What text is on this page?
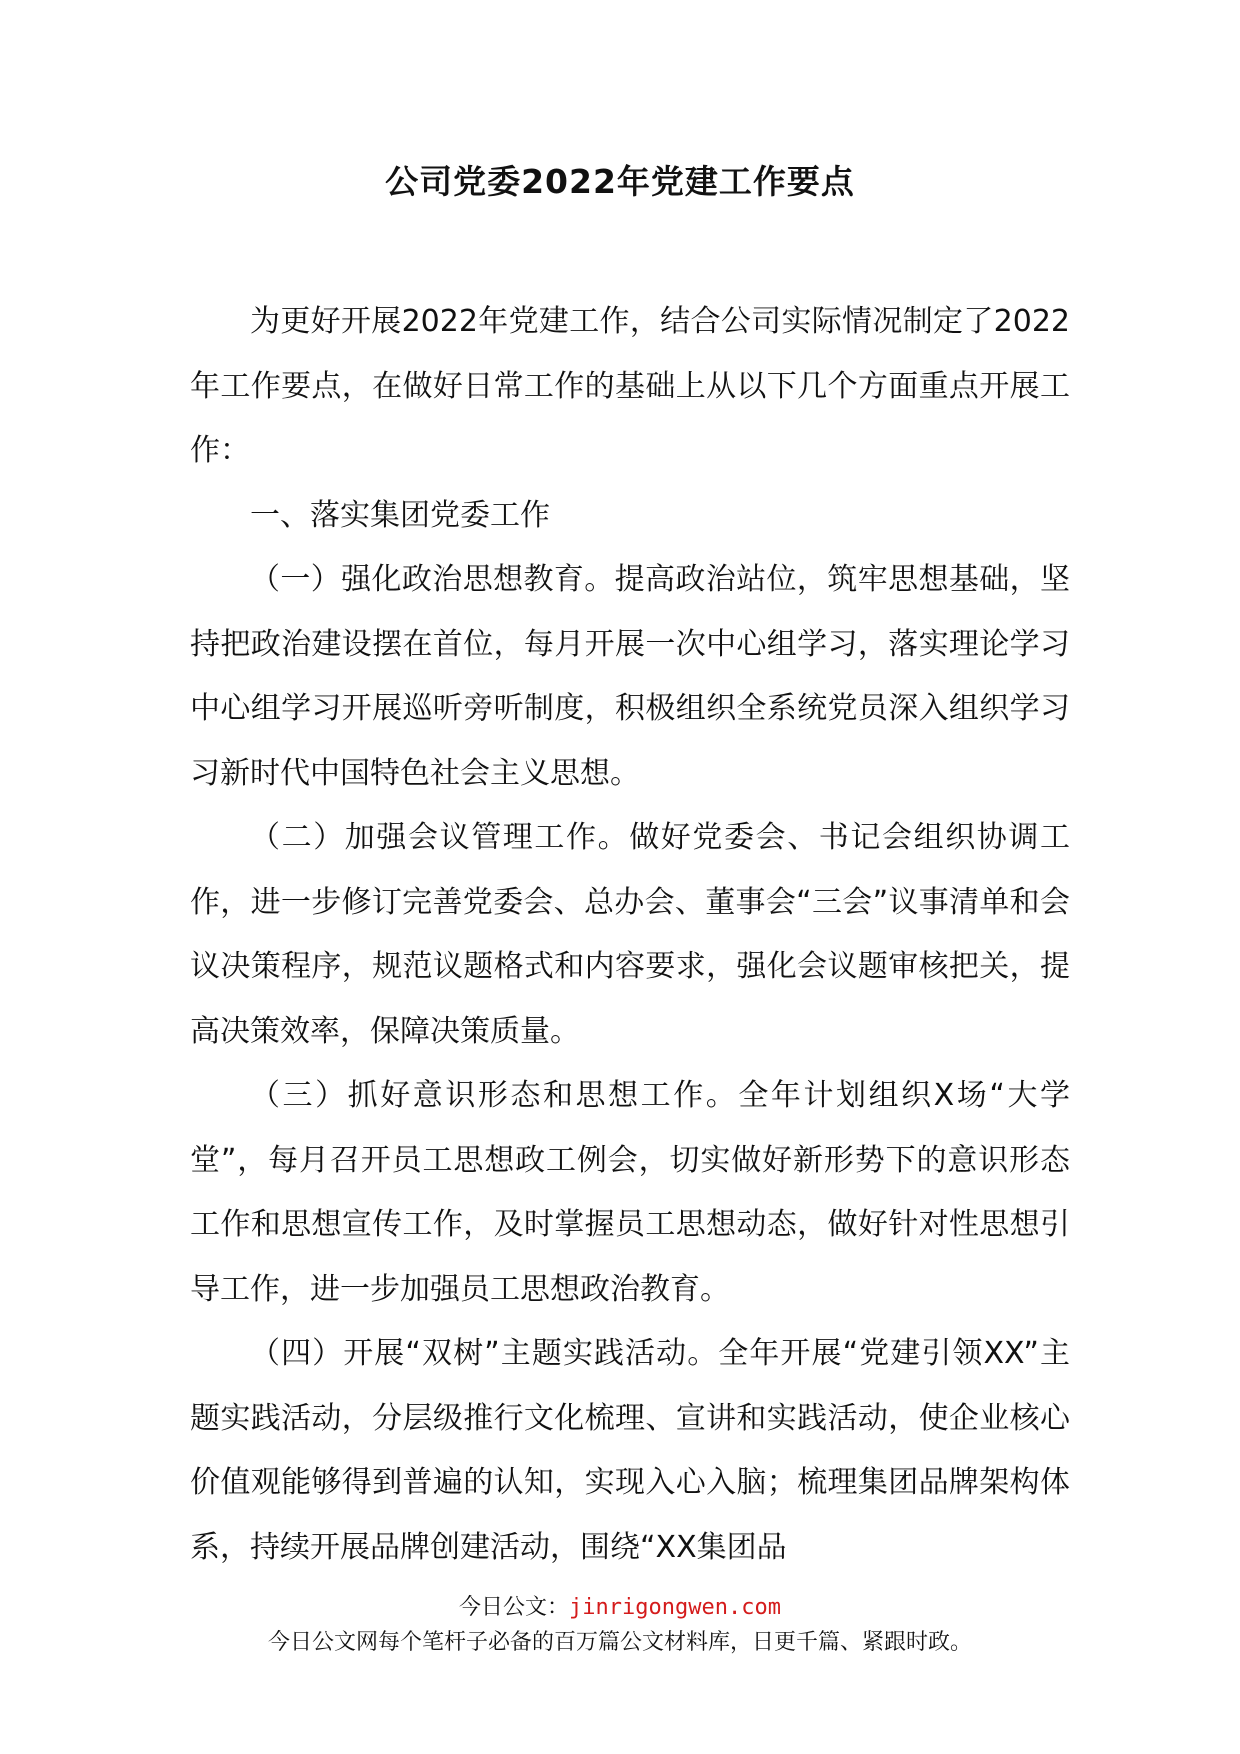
公司党委2022年党建工作要点

为更好开展2022年党建工作，结合公司实际情况制定了2022年工作要点，在做好日常工作的基础上从以下几个方面重点开展工作：

一、落实集团党委工作

（一）强化政治思想教育。提高政治站位，筑牢思想基础，坚持把政治建设摆在首位，每月开展一次中心组学习，落实理论学习中心组学习开展巡听旁听制度，积极组织全系统党员深入组织学习习新时代中国特色社会主义思想。

（二）加强会议管理工作。做好党委会、书记会组织协调工作，进一步修订完善党委会、总办会、董事会“三会”议事清单和会议决策程序，规范议题格式和内容要求，强化会议题审核把关，提高决策效率，保障决策质量。

（三）抓好意识形态和思想工作。全年计划组织X场“大学堂”，每月召开员工思想政工例会，切实做好新形势下的意识形态工作和思想宣传工作，及时掌握员工思想动态，做好针对性思想引导工作，进一步加强员工思想政治教育。

（四）开展“双树”主题实践活动。全年开展“党建引领XX”主题实践活动，分层级推行文化梳理、宣讲和实践活动，使企业核心价值观能够得到普遍的认知，实现入心入脑；梳理集团品牌架构体系，持续开展品牌创建活动，围绕“XX集团品

今日公文：jinrigongwen.com
今日公文网每个笔杆子必备的百万篇公文材料库，日更千篇、紧跟时政。
